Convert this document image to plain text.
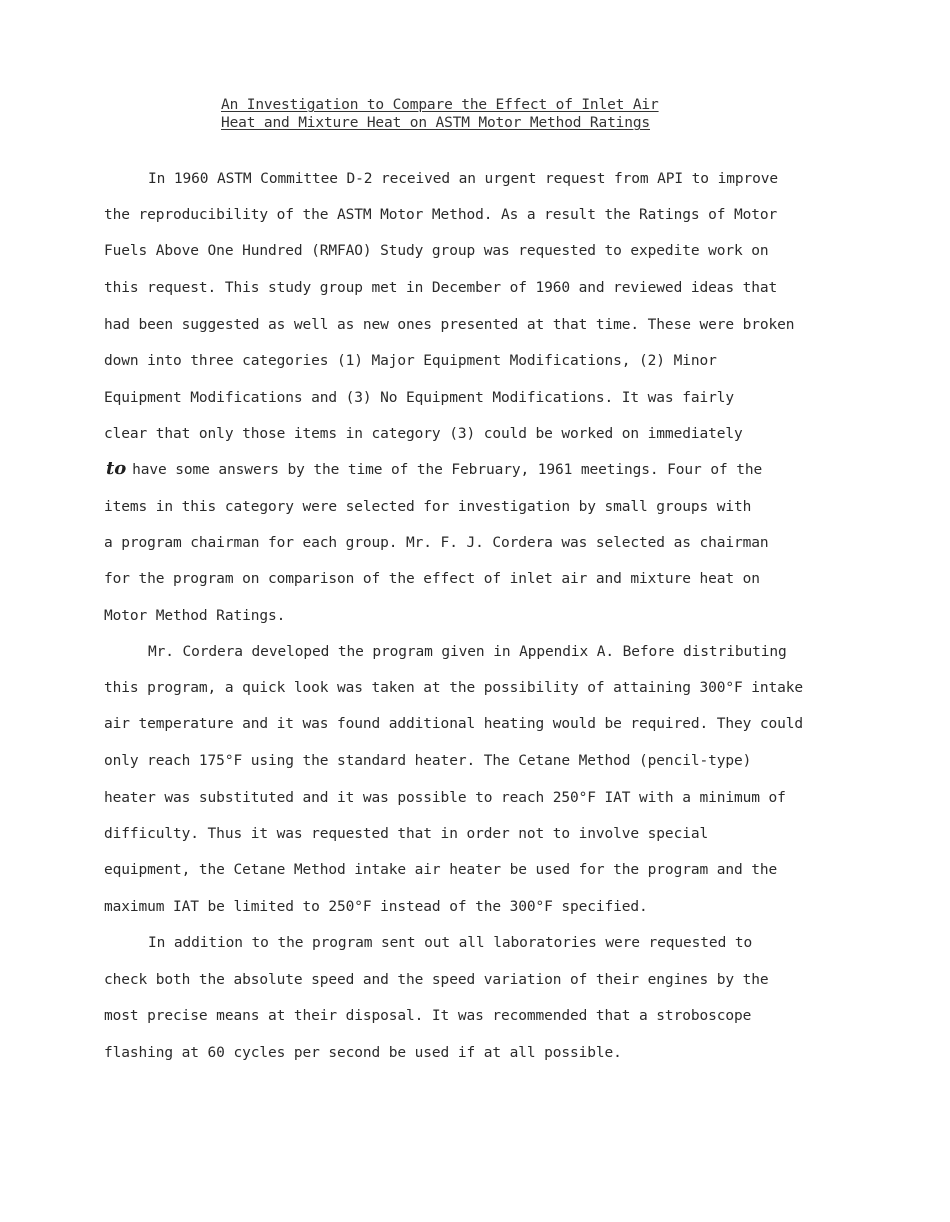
An Investigation to Compare the Effect of Inlet Air
Heat and Mixture Heat on ASTM Motor Method Ratings
In 1960 ASTM Committee D-2 received an urgent request from API to improve
the reproducibility of the ASTM Motor Method. As a result the Ratings of Motor
Fuels Above One Hundred (RMFAO) Study group was requested to expedite work on
this request. This study group met in December of 1960 and reviewed ideas that
had been suggested as well as new ones presented at that time. These were broken
down into three categories (1) Major Equipment Modifications, (2) Minor
Equipment Modifications and (3) No Equipment Modifications. It was fairly
clear that only those items in category (3) could be worked on immediately
to have some answers by the time of the February, 1961 meetings. Four of the
items in this category were selected for investigation by small groups with
a program chairman for each group. Mr. F. J. Cordera was selected as chairman
for the program on comparison of the effect of inlet air and mixture heat on
Motor Method Ratings.
Mr. Cordera developed the program given in Appendix A. Before distributing
this program, a quick look was taken at the possibility of attaining 300°F intake
air temperature and it was found additional heating would be required. They could
only reach 175°F using the standard heater. The Cetane Method (pencil-type)
heater was substituted and it was possible to reach 250°F IAT with a minimum of
difficulty. Thus it was requested that in order not to involve special
equipment, the Cetane Method intake air heater be used for the program and the
maximum IAT be limited to 250°F instead of the 300°F specified.
In addition to the program sent out all laboratories were requested to
check both the absolute speed and the speed variation of their engines by the
most precise means at their disposal. It was recommended that a stroboscope
flashing at 60 cycles per second be used if at all possible.
